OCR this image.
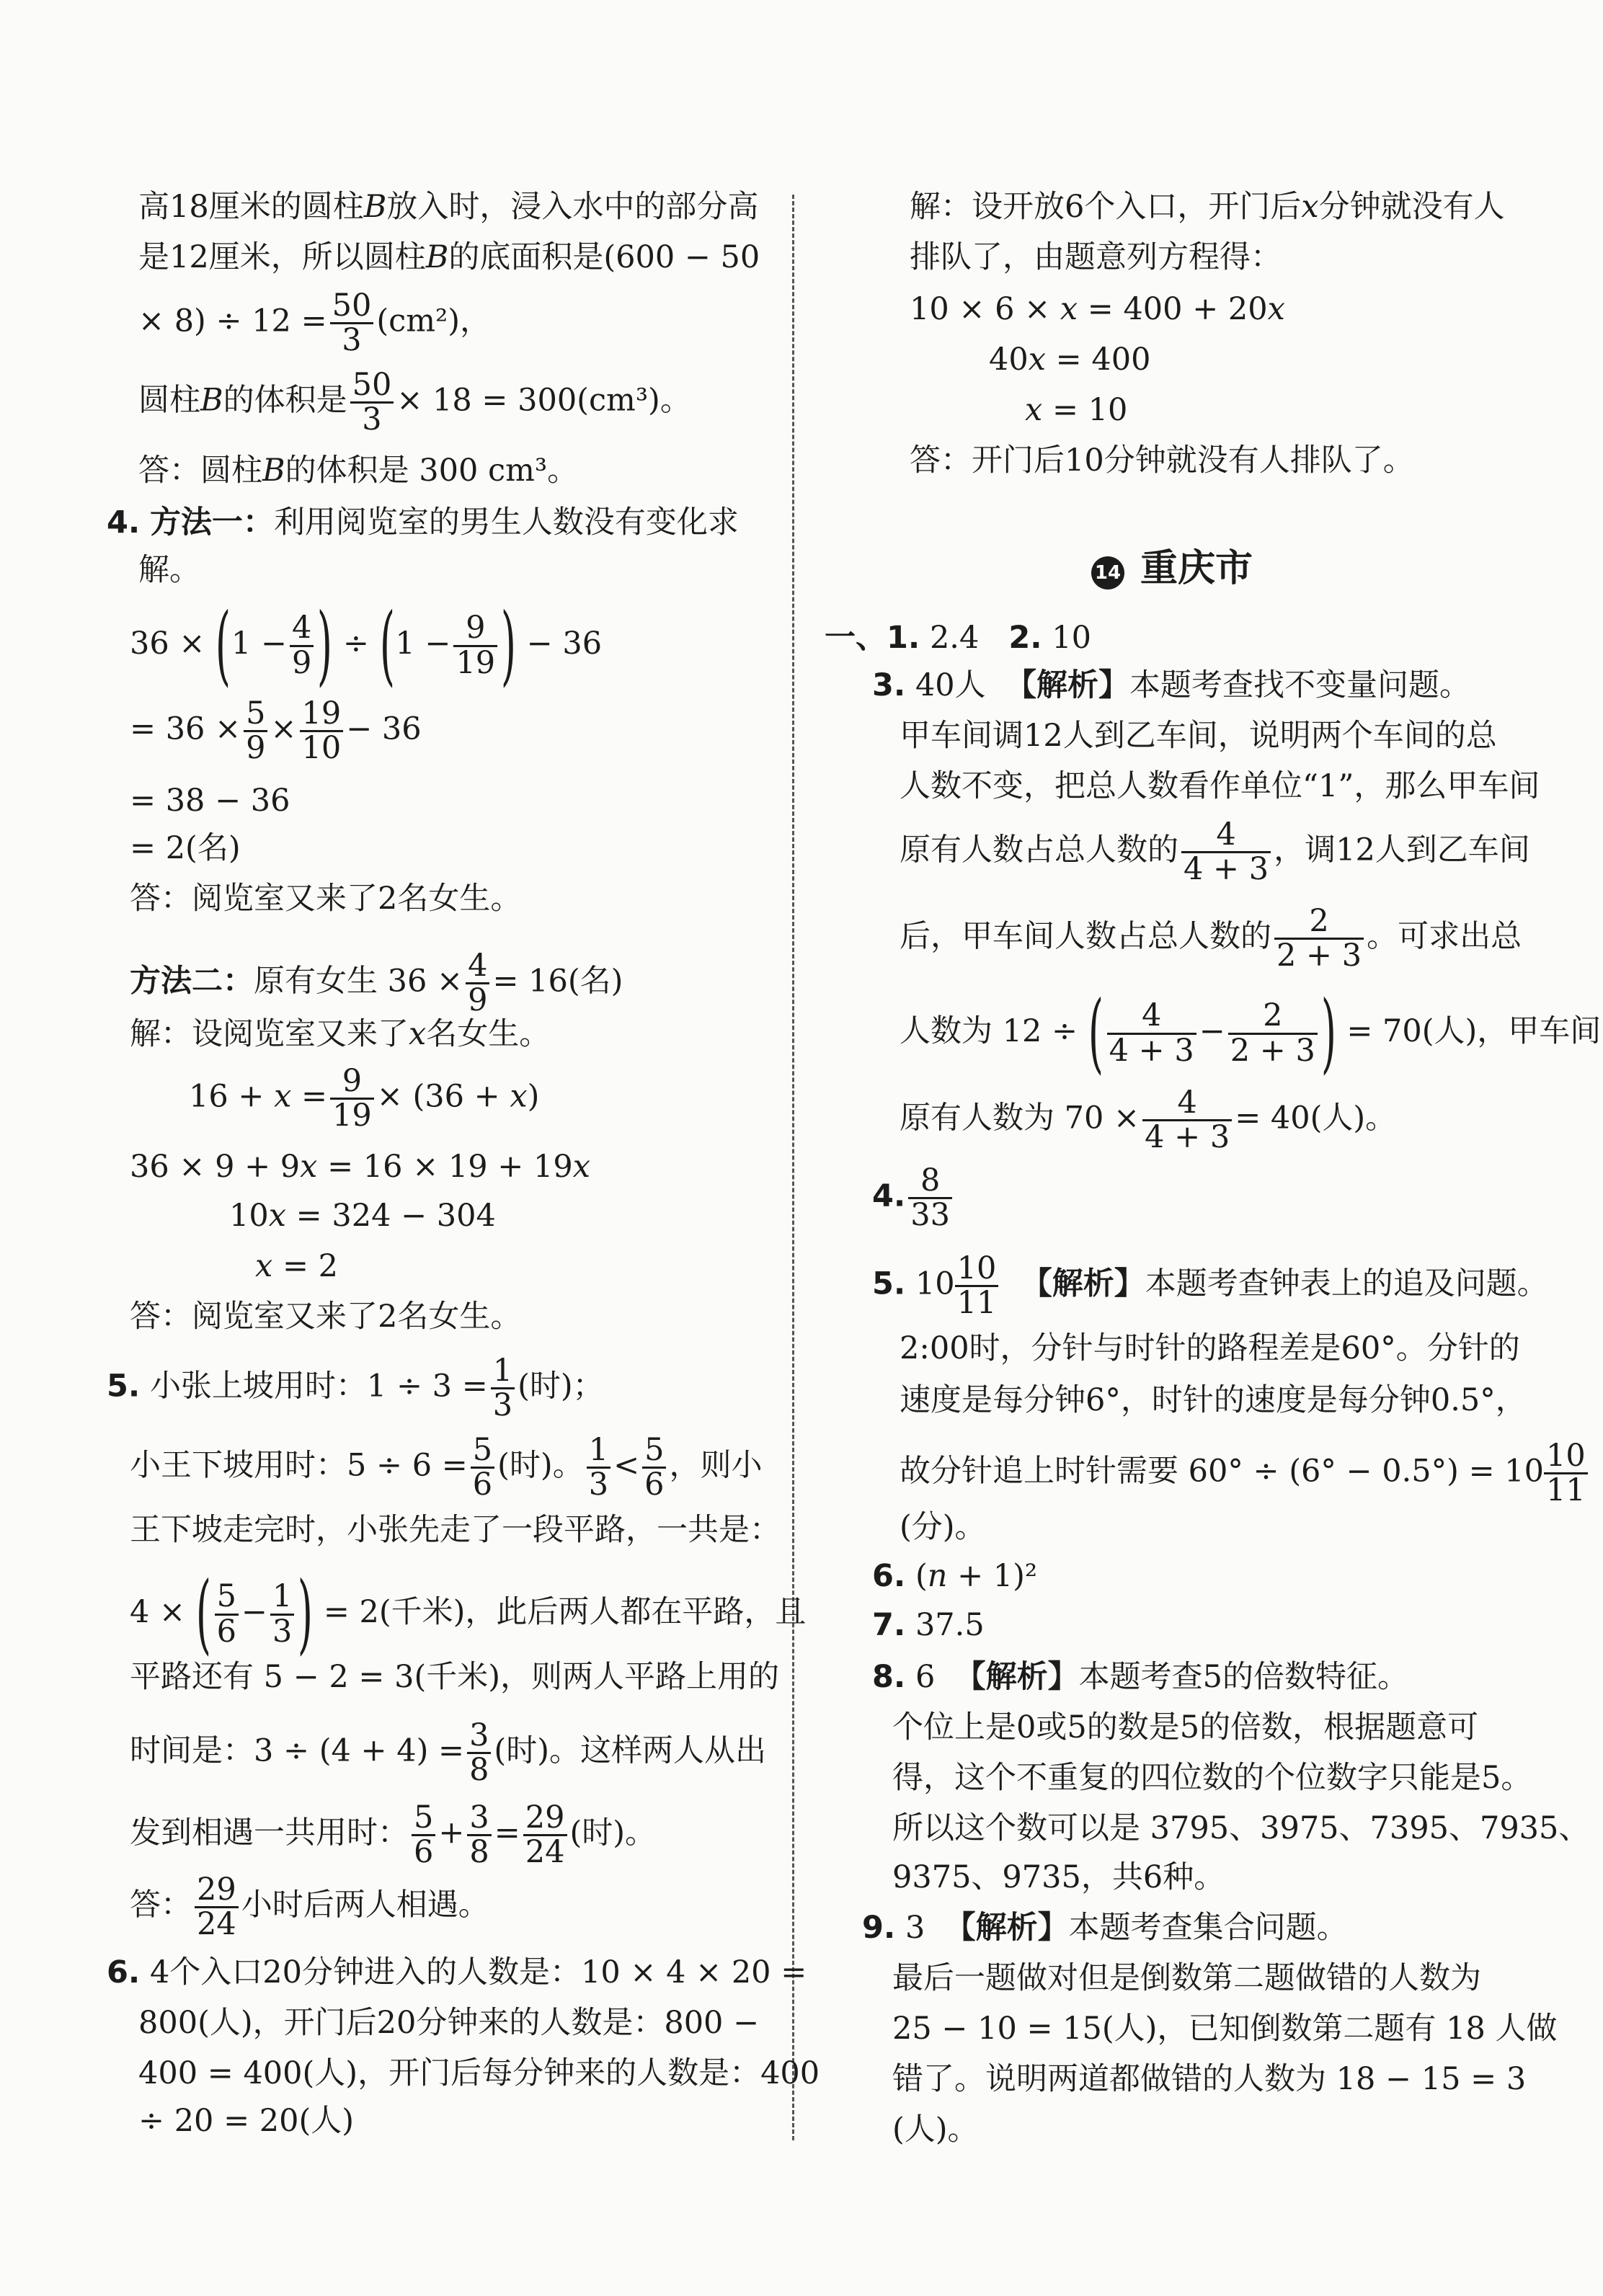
高18厘米的圆柱B放入时，浸入水中的部分高
是12厘米，所以圆柱B的底面积是(600 − 50
× $8) \div 12 = \frac{50}{3} (cm^2)$，
圆柱B的体积是 $\frac{50}{3} \times 18 = 300(cm^3)$。
答：圆柱B的体积是 300 cm³。
4. 方法一：利用阅览室的男生人数没有变化求
解。
$36 \times (1 - \frac{4}{9}$ ) ÷ ($1 - \frac{9}{19}$ ) − 36
= $36 \times \frac{5}{9} \times \frac{19}{10} - 36$
= 38 − 36
= 2(名)
答：阅览室又来了2名女生。
方法二：原有女生 $36 \times \frac{4}{9} = 16$(名)
解：设阅览室又来了x名女生。
$16 + x = \frac{9}{19} \times (36 + x)$
36 × 9 + 9x = 16 × 19 + 19x
10x = 324 − 304
x = 2
答：阅览室又来了2名女生。
5. 小张上坡用时：$1 \div 3 = \frac{1}{3}$ (时)；
小王下坡用时：$5 \div 6 = \frac{5}{6}$ (时)。 $\frac{1}{3} < \frac{5}{6}$ ，则小
王下坡走完时，小张先走了一段平路，一共是：
4 × ( $\frac{5}{6} - \frac{1}{3}$ ) = 2(千米)，此后两人都在平路，且
平路还有 5 − 2 = 3(千米)，则两人平路上用的
时间是：$3 \div (4 + 4) = \frac{3}{8}$ (时)。这样两人从出
发到相遇一共用时： $\frac{5}{6} + \frac{3}{8} = \frac{29}{24}$ (时)。
答： $\frac{29}{24}$ 小时后两人相遇。
6. 4个入口20分钟进入的人数是：10 × 4 × 20 =
800(人)，开门后20分钟来的人数是：800 −
400 = 400(人)，开门后每分钟来的人数是：400
÷ 20 = 20(人)
解：设开放6个入口，开门后x分钟就没有人
排队了，由题意列方程得：
10 × 6 × x = 400 + 20x
40x = 400
x = 10
答：开门后10分钟就没有人排队了。
14 重庆市
一、1. 2.4 2. 10
3. 40人 【解析】本题考查找不变量问题。
甲车间调12人到乙车间，说明两个车间的总
人数不变，把总人数看作单位“1”，那么甲车间
原有人数占总人数的 $\frac{4}{4 + 3}$ ，调12人到乙车间
后，甲车间人数占总人数的 $\frac{2}{2 + 3}$ 。可求出总
人数为 12 ÷ ( $\frac{4}{4 + 3} - \frac{2}{2 + 3}$ ) = 70(人)，甲车间
原有人数为 $70 \times \frac{4}{4 + 3} = 40$(人)。
4. $\frac{8}{33}$
5. $10 \frac{10}{11}$ 【解析】本题考查钟表上的追及问题。
2:00时，分针与时针的路程差是60°。分针的
速度是每分钟6°，时针的速度是每分钟0.5°，
故分针追上时针需要 $60^\circ \div (6^\circ - 0.5^\circ) = 10 \frac{10}{11}$
(分)。
6. (n + 1)²
7. 37.5
8. 6 【解析】本题考查5的倍数特征。
个位上是0或5的数是5的倍数，根据题意可
得，这个不重复的四位数的个位数字只能是5。
所以这个数可以是 3795、3975、7395、7935、
9375、9735，共6种。
9. 3 【解析】本题考查集合问题。
最后一题做对但是倒数第二题做错的人数为
25 − 10 = 15(人)，已知倒数第二题有 18 人做
错了。说明两道都做错的人数为 18 − 15 = 3
(人)。
